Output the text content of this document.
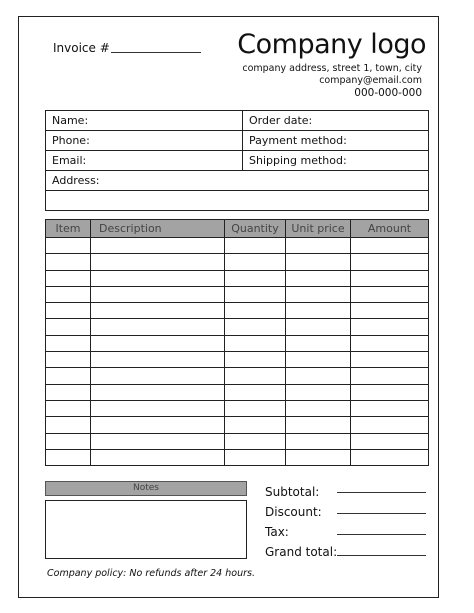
Invoice #	Company logo
company address, street 1, town, city
company@email.com
000-000-000
Name:	Order date:
Phone:	Payment method:
Email:	Shipping method:
Address:	

Item	Description	Quantity	Unit price	Amount

Notes	Subtotal:
Discount:
Tax:
Grand total:
Company policy: No refunds after 24 hours.
